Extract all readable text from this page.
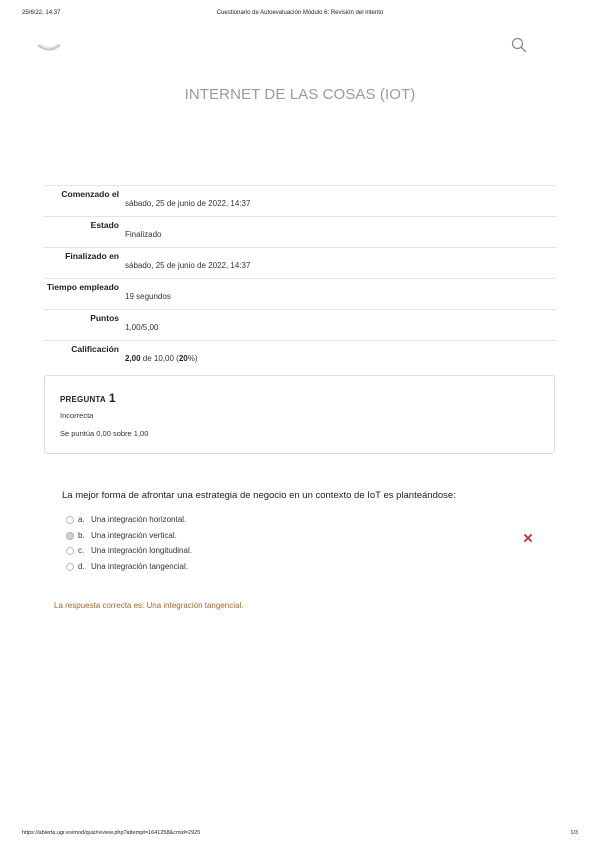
25/6/22, 14:37	Cuestionario de Autoevaluación Módulo 6: Revisión del intento
INTERNET DE LAS COSAS (IOT)
Comenzado el
sábado, 25 de junio de 2022, 14:37
Estado
Finalizado
Finalizado en
sábado, 25 de junio de 2022, 14:37
Tiempo empleado
19 segundos
Puntos
1,00/5,00
Calificación
2,00 de 10,00 (20%)
PREGUNTA 1
Incorrecta
Se puntúa 0,00 sobre 1,00
La mejor forma de afrontar una estrategia de negocio en un contexto de IoT es planteándose:
a. Una integración horizontal.
b. Una integración vertical.
c. Una integración longitudinal.
d. Una integración tangencial.
La respuesta correcta es: Una integración tangencial.
https://abierta.ugr.es/mod/quiz/review.php?attempt=1641258&cmid=2925	1/3
